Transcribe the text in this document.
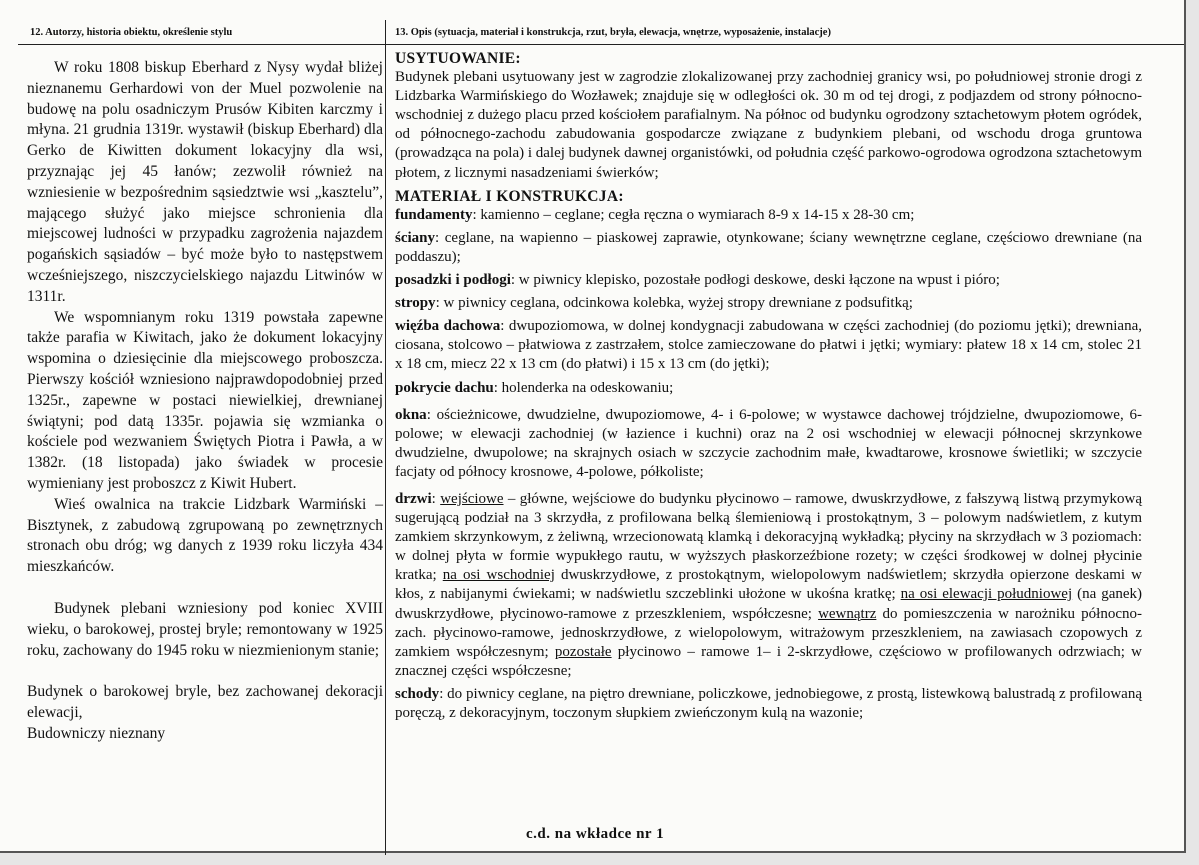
12. Autorzy, historia obiektu, określenie stylu	13. Opis (sytuacja, materiał i konstrukcja, rzut, bryła, elewacja, wnętrze, wyposażenie, instalacje)

W roku 1808 biskup Eberhard z Nysy wydał bliżej nieznanemu Gerhardowi von der Muel pozwolenie na budowę na polu osadniczym Prusów Kibiten karczmy i młyna. 21 grudnia 1319r. wystawił (biskup Eberhard) dla Gerko de Kiwitten dokument lokacyjny dla wsi, przyznając jej 45 łanów; zezwolił również na wzniesienie w bezpośrednim sąsiedztwie wsi „kasztelu”, mającego służyć jako miejsce schronienia dla miejscowej ludności w przypadku zagrożenia najazdem pogańskich sąsiadów – być może było to następstwem wcześniejszego, niszczycielskiego najazdu Litwinów w 1311r.

We wspomnianym roku 1319 powstała zapewne także parafia w Kiwitach, jako że dokument lokacyjny wspomina o dziesięcinie dla miejscowego proboszcza. Pierwszy kościół wzniesiono najprawdopodobniej przed 1325r., zapewne w postaci niewielkiej, drewnianej świątyni; pod datą 1335r. pojawia się wzmianka o kościele pod wezwaniem Świętych Piotra i Pawła, a w 1382r. (18 listopada) jako świadek w procesie wymieniany jest proboszcz z Kiwit Hubert.

Wieś owalnica na trakcie Lidzbark Warmiński – Bisztynek, z zabudową zgrupowaną po zewnętrznych stronach obu dróg; wg danych z 1939 roku liczyła 434 mieszkańców.

Budynek plebani wzniesiony pod koniec XVIII wieku, o barokowej, prostej bryle; remontowany w 1925 roku, zachowany do 1945 roku w niezmienionym stanie;

Budynek o barokowej bryle, bez zachowanej dekoracji elewacji,

Budowniczy nieznany

USYTUOWANIE:

Budynek plebani usytuowany jest w zagrodzie zlokalizowanej przy zachodniej granicy wsi, po południowej stronie drogi z Lidzbarka Warmińskiego do Wozławek; znajduje się w odległości ok. 30 m od tej drogi, z podjazdem od strony północno-wschodniej z dużego placu przed kościołem parafialnym. Na północ od budynku ogrodzony sztachetowym płotem ogródek, od północnego-zachodu zabudowania gospodarcze związane z budynkiem plebani, od wschodu droga gruntowa (prowadząca na pola) i dalej budynek dawnej organistówki, od południa część parkowo-ogrodowa ogrodzona sztachetowym płotem, z licznymi nasadzeniami świerków;

MATERIAŁ I KONSTRUKCJA:

fundamenty: kamienno – ceglane; cegła ręczna o wymiarach 8-9 x 14-15 x 28-30 cm;

ściany: ceglane, na wapienno – piaskowej zaprawie, otynkowane; ściany wewnętrzne ceglane, częściowo drewniane (na poddaszu);

posadzki i podłogi: w piwnicy klepisko, pozostałe podłogi deskowe, deski łączone na wpust i pióro;

stropy: w piwnicy ceglana, odcinkowa kolebka, wyżej stropy drewniane z podsufitką;

więźba dachowa: dwupoziomowa, w dolnej kondygnacji zabudowana w części zachodniej (do poziomu jętki); drewniana, ciosana, stolcowo – płatwiowa z zastrzałem, stolce zamieczowane do płatwi i jętki; wymiary: płatew 18 x 14 cm, stolec 21 x 18 cm, miecz 22 x 13 cm (do płatwi) i 15 x 13 cm (do jętki);

pokrycie dachu: holenderka na odeskowaniu;

okna: ościeżnicowe, dwudzielne, dwupoziomowe, 4- i 6-polowe; w wystawce dachowej trójdzielne, dwupoziomowe, 6-polowe; w elewacji zachodniej (w łazience i kuchni) oraz na 2 osi wschodniej w elewacji północnej skrzynkowe dwudzielne, dwupolowe; na skrajnych osiach w szczycie zachodnim małe, kwadtarowe, krosnowe świetliki; w szczycie facjaty od północy krosnowe, 4-polowe, półkoliste;

drzwi: wejściowe – główne, wejściowe do budynku płycinowo – ramowe, dwuskrzydłowe, z fałszywą listwą przymykową sugerującą podział na 3 skrzydła, z profilowana belką ślemieniową i prostokątnym, 3 – polowym nadświetlem, z kutym zamkiem skrzynkowym, z żeliwną, wrzecionowatą klamką i dekoracyjną wykładką; płyciny na skrzydłach w 3 poziomach: w dolnej płyta w formie wypukłego rautu, w wyższych płaskorzeźbione rozety; w części środkowej w dolnej płycinie kratka; na osi wschodniej dwuskrzydłowe, z prostokątnym, wielopolowym nadświetlem; skrzydła opierzone deskami w kłos, z nabijanymi ćwiekami; w nadświetlu szczeblinki ułożone w ukośna kratkę; na osi elewacji południowej (na ganek) dwuskrzydłowe, płycinowo-ramowe z przeszkleniem, współczesne; wewnątrz do pomieszczenia w narożniku północno-zach. płycinowo-ramowe, jednoskrzydłowe, z wielopolowym, witrażowym przeszkleniem, na zawiasach czopowych z zamkiem współczesnym; pozostałe płycinowo – ramowe 1– i 2-skrzydłowe, częściowo w profilowanych odrzwiach; w znacznej części współczesne;

schody: do piwnicy ceglane, na piętro drewniane, policzkowe, jednobiegowe, z prostą, listewkową balustradą z profilowaną poręczą, z dekoracyjnym, toczonym słupkiem zwieńczonym kulą na wazonie;

c.d. na wkładce nr 1
